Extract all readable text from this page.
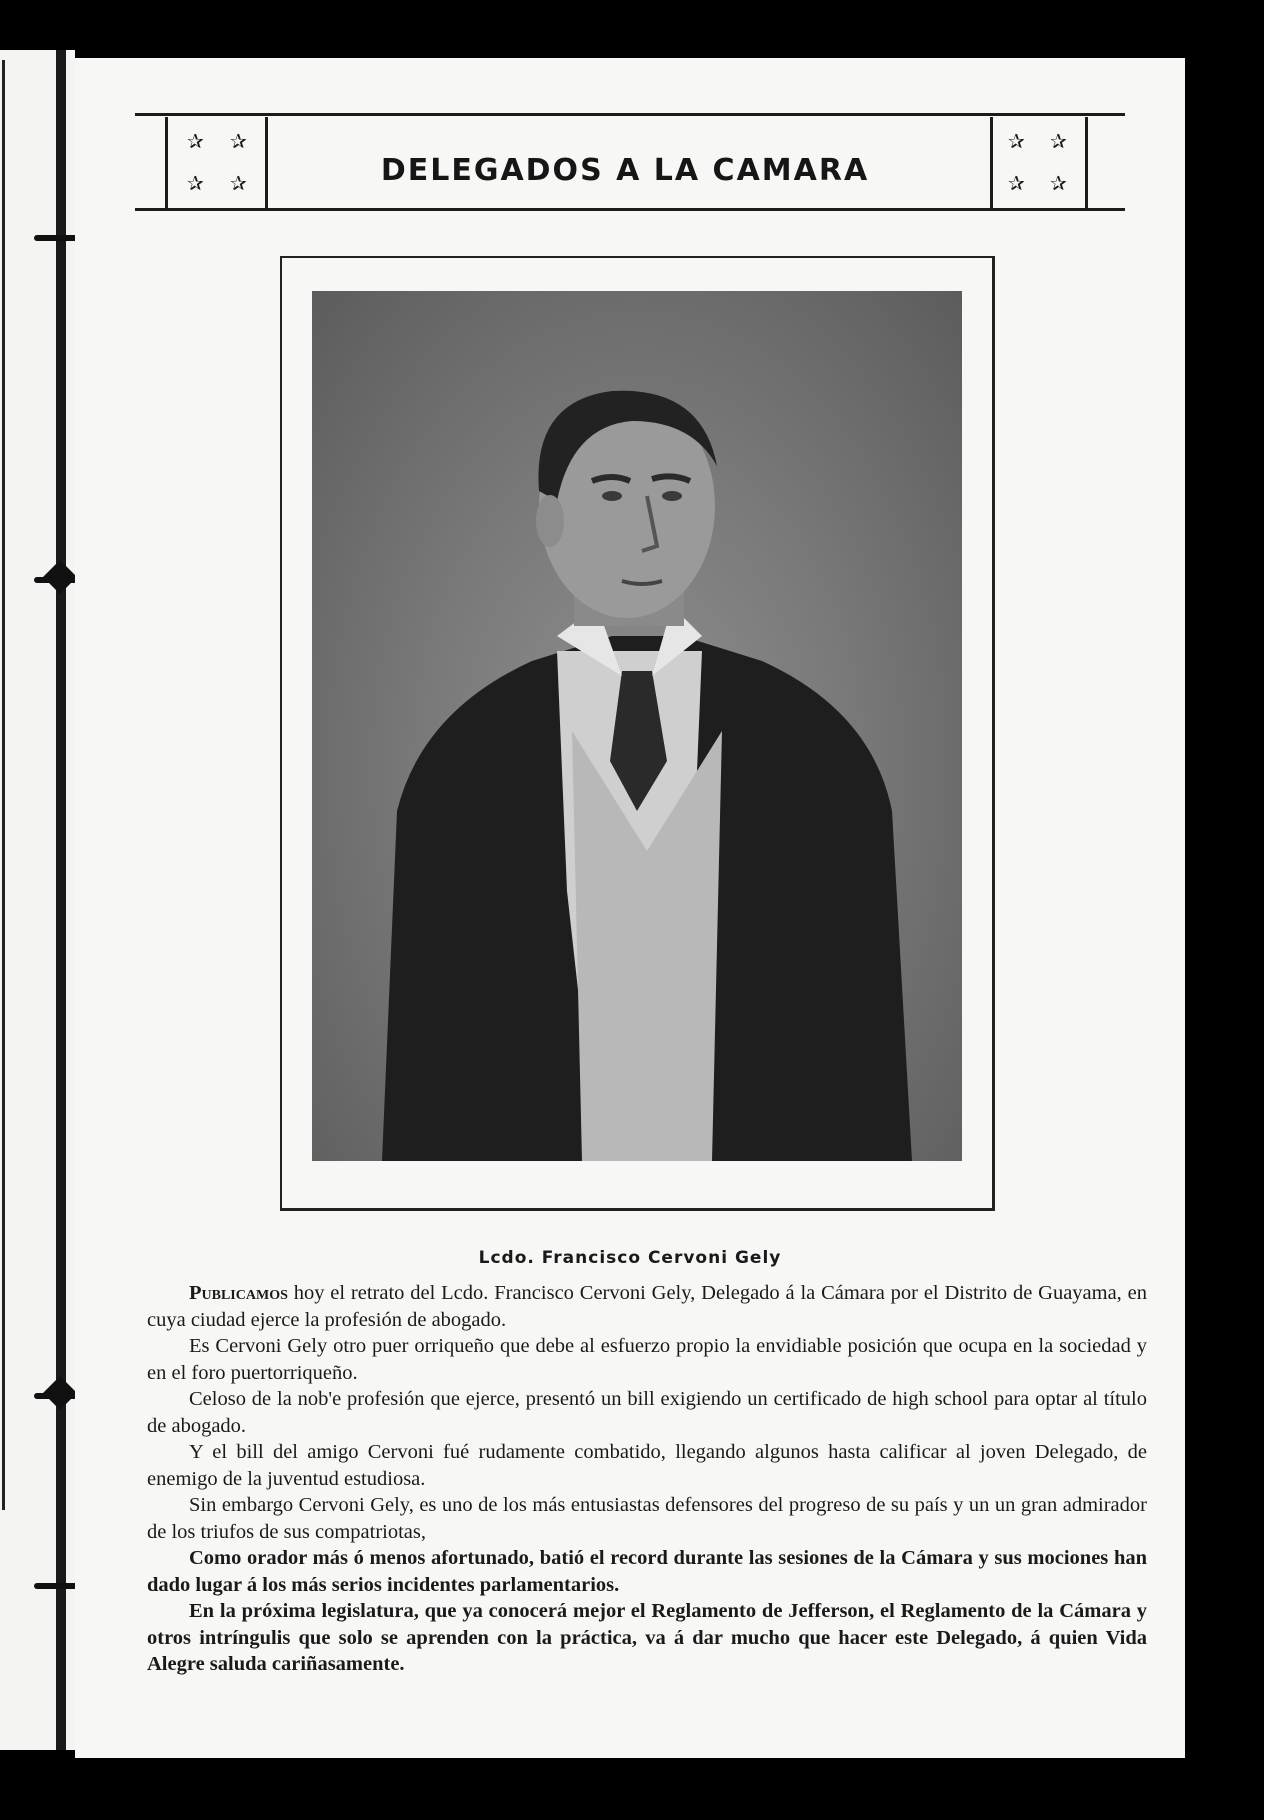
✰ ✰
✰ ✰	DELEGADOS A LA CAMARA
✰ ✰
✰ ✰
Lcdo. Francisco Cervoni Gely

Publicamos hoy el retrato del Lcdo. Francisco Cervoni Gely, Delegado á la Cámara por el Distrito de Guayama, en cuya ciudad ejerce la profesión de abogado.

Es Cervoni Gely otro puer orriqueño que debe al esfuerzo propio la envidiable posición que ocupa en la sociedad y en el foro puertorriqueño.

Celoso de la nob'e profesión que ejerce, presentó un bill exigiendo un certificado de high school para optar al título de abogado.

Y el bill del amigo Cervoni fué rudamente combatido, llegando algunos hasta calificar al joven Delegado, de enemigo de la juventud estudiosa.

Sin embargo Cervoni Gely, es uno de los más entusiastas defensores del progreso de su país y un un gran admirador de los triufos de sus compatriotas,

Como orador más ó menos afortunado, batió el record durante las sesiones de la Cámara y sus mociones han dado lugar á los más serios incidentes parlamentarios.

En la próxima legislatura, que ya conocerá mejor el Reglamento de Jefferson, el Reglamento de la Cámara y otros intríngulis que solo se aprenden con la práctica, va á dar mucho que hacer este Delegado, á quien Vida Alegre saluda cariñasamente.
